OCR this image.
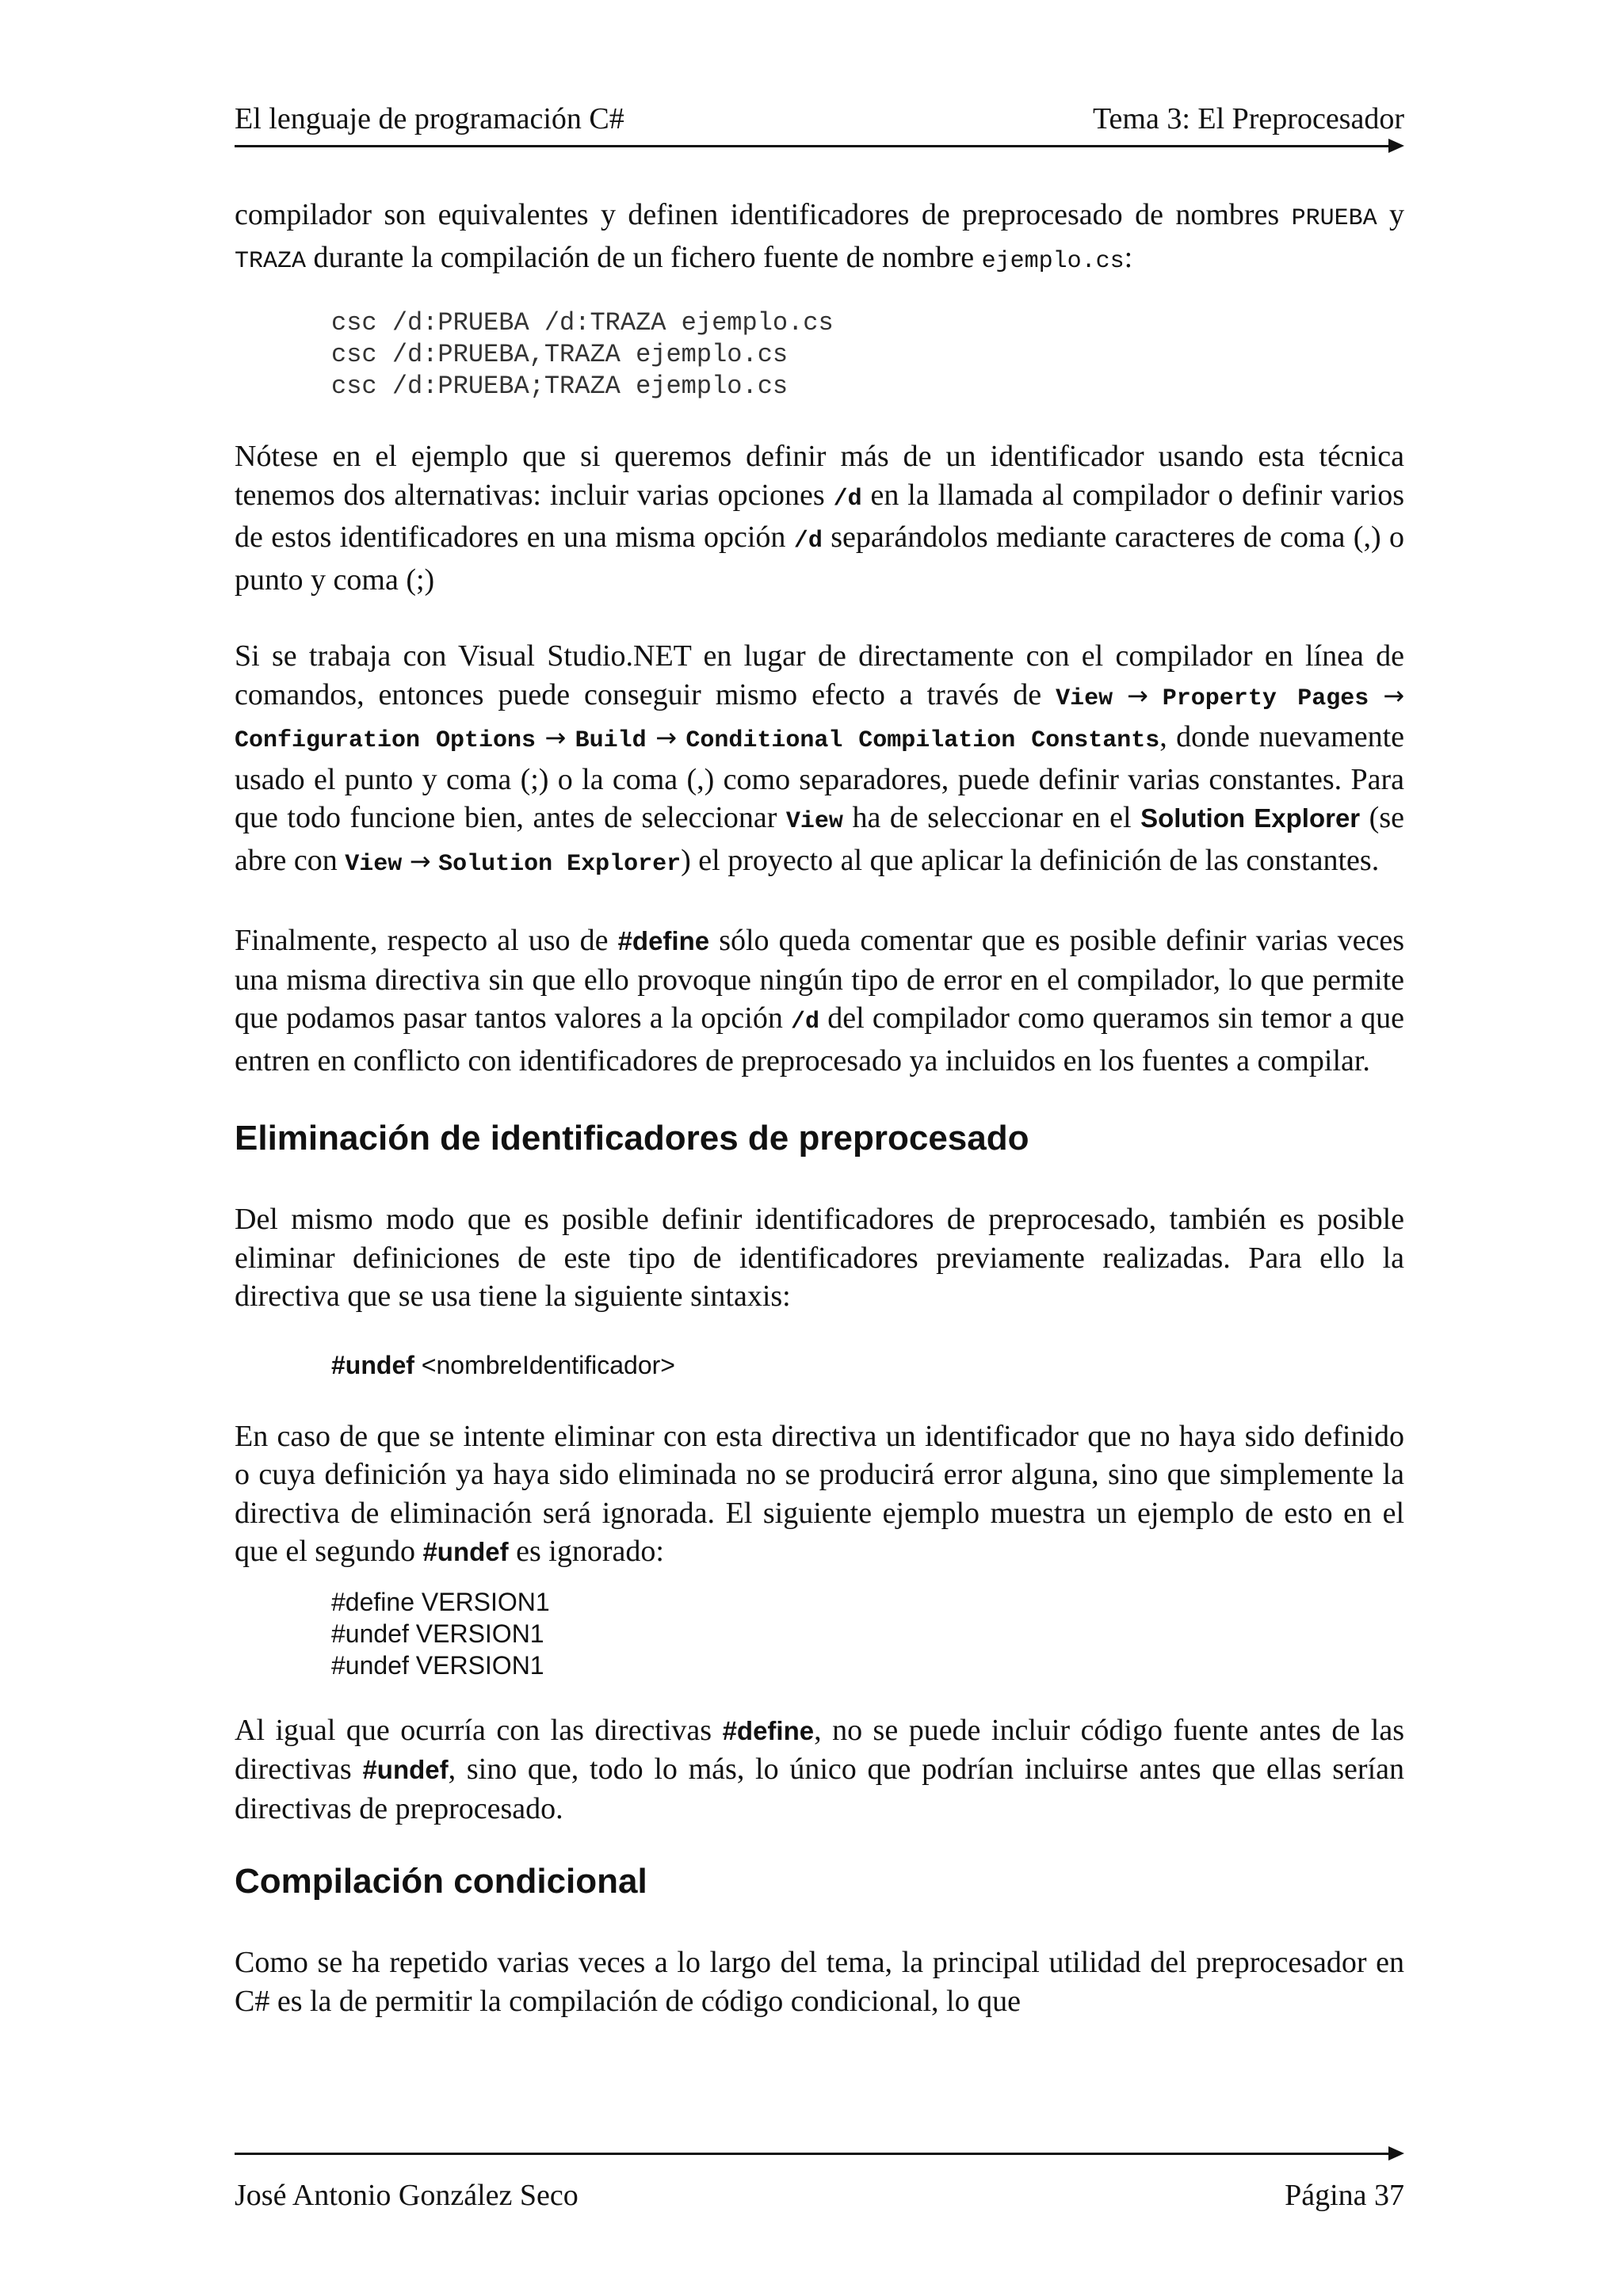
El lenguaje de programación C#	Tema 3: El Preprocesador

compilador son equivalentes y definen identificadores de preprocesado de nombres PRUEBA y TRAZA durante la compilación de un fichero fuente de nombre ejemplo.cs:

csc /d:PRUEBA /d:TRAZA ejemplo.cs
csc /d:PRUEBA,TRAZA ejemplo.cs
csc /d:PRUEBA;TRAZA ejemplo.cs

Nótese en el ejemplo que si queremos definir más de un identificador usando esta técnica tenemos dos alternativas: incluir varias opciones /d en la llamada al compilador o definir varios de estos identificadores en una misma opción /d separándolos mediante caracteres de coma (,) o punto y coma (;)

Si se trabaja con Visual Studio.NET en lugar de directamente con el compilador en línea de comandos, entonces puede conseguir mismo efecto a través de View → Property Pages → Configuration Options → Build → Conditional Compilation Constants, donde nuevamente usado el punto y coma (;) o la coma (,) como separadores, puede definir varias constantes. Para que todo funcione bien, antes de seleccionar View ha de seleccionar en el Solution Explorer (se abre con View → Solution Explorer) el proyecto al que aplicar la definición de las constantes.

Finalmente, respecto al uso de #define sólo queda comentar que es posible definir varias veces una misma directiva sin que ello provoque ningún tipo de error en el compilador, lo que permite que podamos pasar tantos valores a la opción /d del compilador como queramos sin temor a que entren en conflicto con identificadores de preprocesado ya incluidos en los fuentes a compilar.

Eliminación de identificadores de preprocesado

Del mismo modo que es posible definir identificadores de preprocesado, también es posible eliminar definiciones de este tipo de identificadores previamente realizadas. Para ello la directiva que se usa tiene la siguiente sintaxis:

#undef <nombreIdentificador>

En caso de que se intente eliminar con esta directiva un identificador que no haya sido definido o cuya definición ya haya sido eliminada no se producirá error alguna, sino que simplemente la directiva de eliminación será ignorada. El siguiente ejemplo muestra un ejemplo de esto en el que el segundo #undef es ignorado:

#define VERSION1
#undef VERSION1
#undef VERSION1

Al igual que ocurría con las directivas #define, no se puede incluir código fuente antes de las directivas #undef, sino que, todo lo más, lo único que podrían incluirse antes que ellas serían directivas de preprocesado.

Compilación condicional

Como se ha repetido varias veces a lo largo del tema, la principal utilidad del preprocesador en C# es la de permitir la compilación de código condicional, lo que

José Antonio González Seco	Página 37
